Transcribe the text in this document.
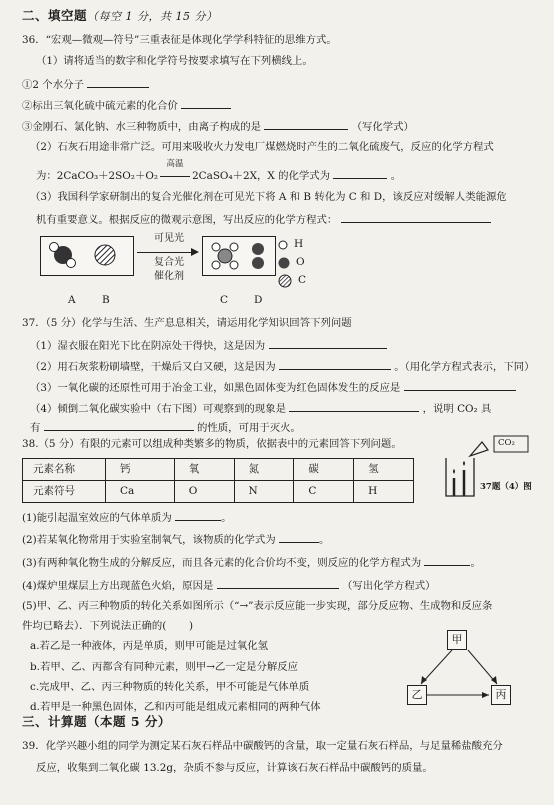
二、填空题（每空 1 分，共 15 分）
36．“宏观—微观—符号”三重表征是体现化学学科特征的思维方式。
（1）请将适当的数字和化学符号按要求填写在下列横线上。
①2 个水分子
②标出三氧化硫中硫元素的化合价
③金刚石、氯化钠、水三种物质中，由离子构成的是	（写化学式）
（2）石灰石用途非常广泛。可用来吸收火力发电厂煤燃烧时产生的二氧化硫废气，反应的化学方程式
为：2CaCO₃＋2SO₂＋O₂
高温
2CaSO₄＋2X，X 的化学式为	。
（3）我国科学家研制出的复合光催化剂在可见光下将 A 和 B 转化为 C 和 D，该反应对缓解人类能源危
机有重要意义。根据反应的微观示意图，写出反应的化学方程式：
可见光
复合光
催化剂
A	B	C D
H
O
C
37．（5 分）化学与生活、生产息息相关，请运用化学知识回答下列问题
（1）湿衣服在阳光下比在阴凉处干得快，这是因为
（2）用石灰浆粉刷墙壁，干燥后又白又硬，这是因为	。（用化学方程式表示，下同）
（3）一氧化碳的还原性可用于冶金工业，如黑色固体变为红色固体发生的反应是
（4）倾倒二氧化碳实验中（右下图）可观察到的现象是	，说明 CO₂ 具
有	的性质，可用于灭火。
38.（5 分）有限的元素可以组成种类繁多的物质，依据表中的元素回答下列问题。
元素名称	钙	氧	氮	碳	氢
元素符号	Ca	O	N	C	H
CO₂
37题（4）图
(1)能引起温室效应的气体单质为	。
(2)若某氧化物常用于实验室制氧气，该物质的化学式为	。
(3)有两种氧化物生成的分解反应，而且各元素的化合价均不变，则反应的化学方程式为	。
(4)煤炉里煤层上方出现蓝色火焰，原因是	（写出化学方程式）
(5)甲、乙、丙三种物质的转化关系如图所示（“→”表示反应能一步实现，部分反应物、生成物和反应条
件均已略去）．下列说法正确的( )
a.若乙是一种液体，丙是单质，则甲可能是过氧化氢
b.若甲、乙、丙都含有同种元素，则甲→乙一定是分解反应
c.完成甲、乙、丙三种物质的转化关系，甲不可能是气体单质
d.若甲是一种黑色固体，乙和丙可能是组成元素相同的两种气体
甲
乙	丙
三、计算题（本题 5 分）
39．化学兴趣小组的同学为测定某石灰石样品中碳酸钙的含量，取一定量石灰石样品，与足量稀盐酸充分
反应，收集到二氧化碳 13.2g，杂质不参与反应，计算该石灰石样品中碳酸钙的质量。
